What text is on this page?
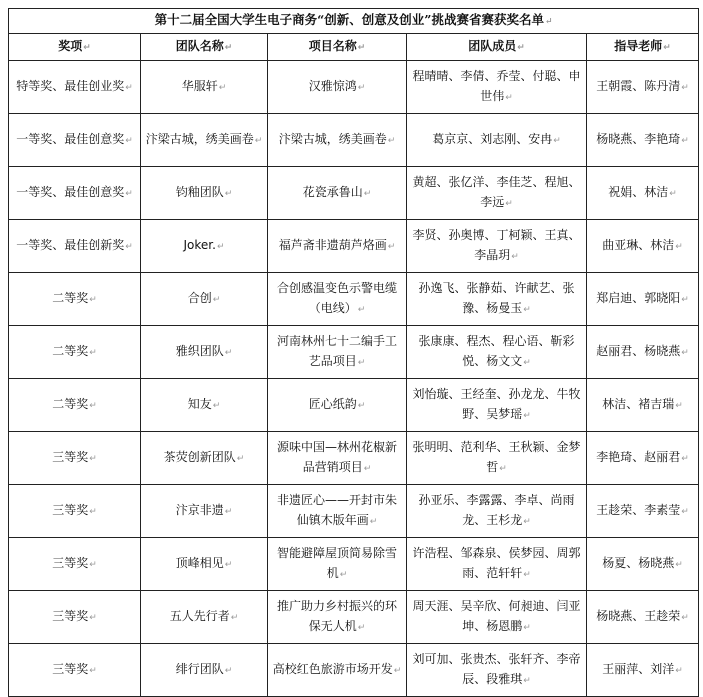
第十二届全国大学生电子商务“创新、创意及创业”挑战赛省赛获奖名单↵				
奖项↵	团队名称↵	项目名称↵	团队成员↵	指导老师↵
特等奖、最佳创业奖↵	华服轩↵	汉雅惊鸿↵	程晴晴、李倩、乔莹、付聪、申世伟↵	王朝霞、陈丹清↵
一等奖、最佳创意奖↵	汴梁古城，绣美画卷↵	汴梁古城，绣美画卷↵	葛京京、刘志刚、安冉↵	杨晓燕、李艳琦↵
一等奖、最佳创意奖↵	钧釉团队↵	花瓷承鲁山↵	黄超、张亿洋、李佳芝、程旭、李远↵	祝娟、林洁↵
一等奖、最佳创新奖↵	Joker.↵	福芦斋非遗葫芦烙画↵	李贤、孙奥博、丁柯颖、王真、李晶玥↵	曲亚琳、林洁↵
二等奖↵	合创↵	合创感温变色示警电缆（电线）↵	孙逸飞、张静茹、许献艺、张豫、杨曼玉↵	郑启迪、郭晓阳↵
二等奖↵	雅织团队↵	河南林州七十二编手工艺品项目↵	张康康、程杰、程心语、靳彩悦、杨文文↵	赵丽君、杨晓燕↵
二等奖↵	知友↵	匠心纸韵↵	刘怡璇、王经奎、孙龙龙、牛牧野、吴梦瑶↵	林洁、褚吉瑞↵
三等奖↵	茶荧创新团队↵	源味中国—林州花椒新品营销项目↵	张明明、范利华、王秋颖、金梦哲↵	李艳琦、赵丽君↵
三等奖↵	汴京非遗↵	非遗匠心——开封市朱仙镇木版年画↵	孙亚乐、李露露、李卓、尚雨龙、王杉龙↵	王趁荣、李素莹↵
三等奖↵	顶峰相见↵	智能避障屋顶简易除雪机↵	许浩程、邹森泉、侯梦园、周郭雨、范轩轩↵	杨夏、杨晓燕↵
三等奖↵	五人先行者↵	推广助力乡村振兴的环保无人机↵	周天涯、吴辛欣、何昶迪、闫亚坤、杨恩鹏↵	杨晓燕、王趁荣↵
三等奖↵	绯行团队↵	高校红色旅游市场开发↵	刘可加、张贵杰、张轩齐、李帝辰、段雅琪↵	王丽萍、刘洋↵
